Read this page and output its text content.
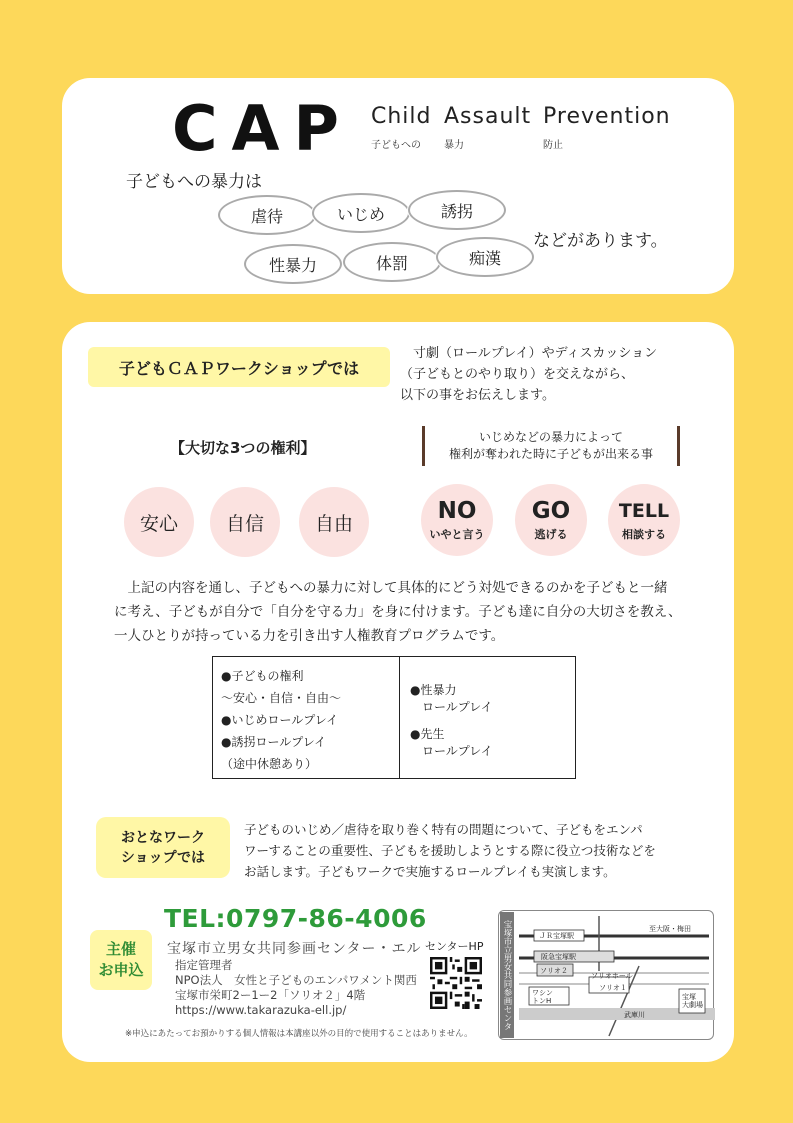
CAP Child Assault Prevention
子どもへの 暴力	防止
子どもへの暴力は
虐待	いじめ	誘拐
性暴力	体罰	痴漢
などがあります。
子どもＣＡＰワークショップでは
　寸劇（ロールプレイ）やディスカッション
（子どもとのやり取り）を交えながら、
以下の事をお伝えします。
【大切な3つの権利】
いじめなどの暴力によって
権利が奪われた時に子どもが出来る事
安心	自信	自由	NO
いやと言う
GO
逃げる
TELL
相談する
　上記の内容を通し、子どもへの暴力に対して具体的にどう対処できるのかを子どもと一緒
に考え、子どもが自分で「自分を守る力」を身に付けます。子ども達に自分の大切さを教え、
一人ひとりが持っている力を引き出す人権教育プログラムです。
●子どもの権利
～安心・自信・自由～
●いじめロールプレイ
●誘拐ロールプレイ
（途中休憩あり）
●性暴力
　ロールプレイ
●先生
　ロールプレイ
おとなワーク
ショップでは
子どものいじめ／虐待を取り巻く特有の問題について、子どもをエンパ
ワーすることの重要性、子どもを援助しようとする際に役立つ技術などを
お話します。子どもワークで実施するロールプレイも実演します。
主催
お申込
TEL:0797-86-4006
宝塚市立男女共同参画センター・エル
指定管理者
NPO法人　女性と子どものエンパワメント関西
宝塚市栄町2ー1ー2「ソリオ２」4階
https://www.takarazuka-ell.jp/
センターHP
※申込にあたってお預かりする個人情報は本講座以外の目的で使用することはありません。
ＪＲ宝塚駅
至大阪・梅田
阪急宝塚駅
ソリオ２
ソリオホール
ソリオ１
ワシン
トンH
武庫川
宝塚
大劇場
宝塚市立男女共同参画センター・エル
